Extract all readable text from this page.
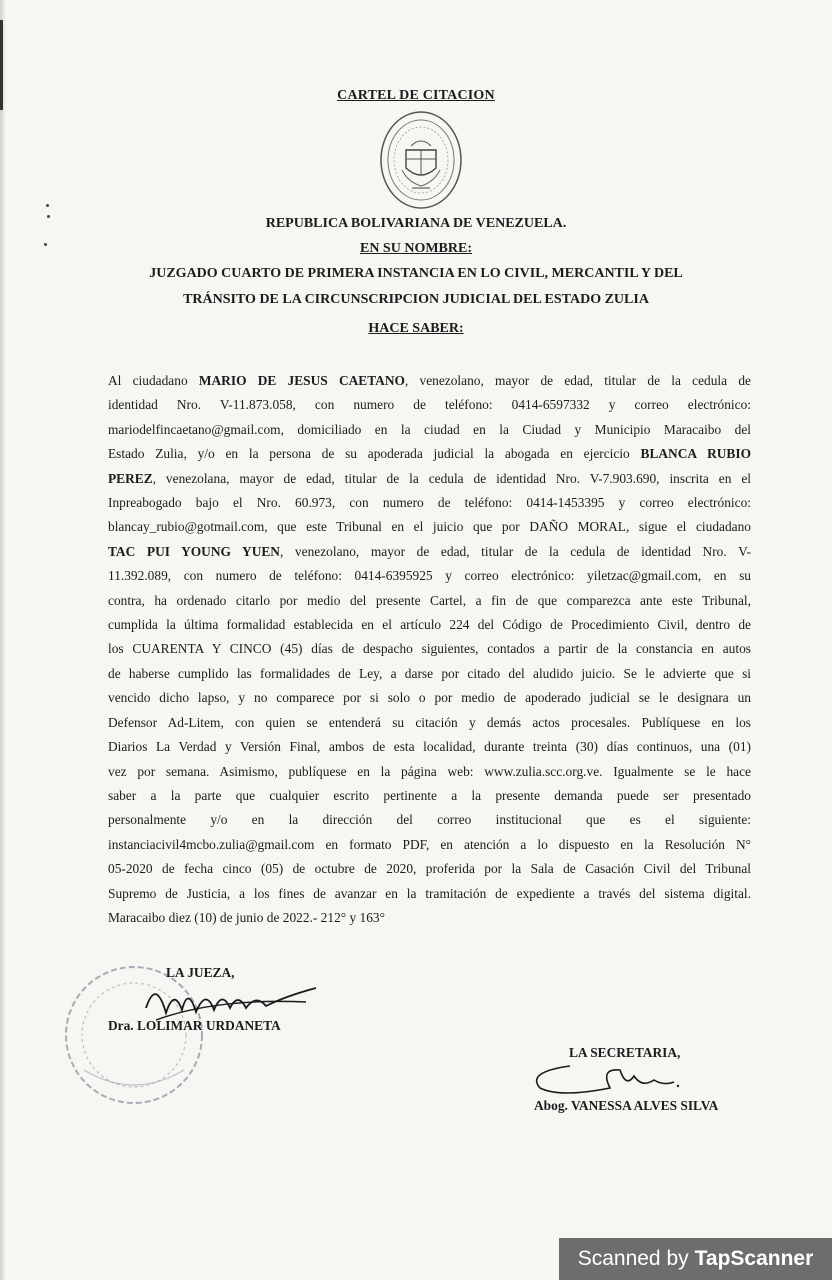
CARTEL DE CITACION
REPUBLICA BOLIVARIANA DE VENEZUELA.
EN SU NOMBRE:
JUZGADO CUARTO DE PRIMERA INSTANCIA EN LO CIVIL, MERCANTIL Y DEL
TRÁNSITO DE LA CIRCUNSCRIPCION JUDICIAL DEL ESTADO ZULIA
HACE SABER:
Al ciudadano MARIO DE JESUS CAETANO, venezolano, mayor de edad, titular de la cedula de
identidad Nro. V-11.873.058, con numero de teléfono: 0414-6597332 y correo electrónico:
mariodelfincaetano@gmail.com, domiciliado en la ciudad en la Ciudad y Municipio Maracaibo del
Estado Zulia, y/o en la persona de su apoderada judicial la abogada en ejercicio BLANCA RUBIO
PEREZ, venezolana, mayor de edad, titular de la cedula de identidad Nro. V-7.903.690, inscrita en el
Inpreabogado bajo el Nro. 60.973, con numero de teléfono: 0414-1453395 y correo electrónico:
blancay_rubio@gotmail.com, que este Tribunal en el juicio que por DAÑO MORAL, sigue el ciudadano
TAC PUI YOUNG YUEN, venezolano, mayor de edad, titular de la cedula de identidad Nro. V-
11.392.089, con numero de teléfono: 0414-6395925 y correo electrónico: yiletzac@gmail.com, en su
contra, ha ordenado citarlo por medio del presente Cartel, a fin de que comparezca ante este Tribunal,
cumplida la última formalidad establecida en el artículo 224 del Código de Procedimiento Civil, dentro de
los CUARENTA Y CINCO (45) días de despacho siguientes, contados a partir de la constancia en autos
de haberse cumplido las formalidades de Ley, a darse por citado del aludido juicio. Se le advierte que si
vencido dicho lapso, y no comparece por si solo o por medio de apoderado judicial se le designara un
Defensor Ad-Litem, con quien se entenderá su citación y demás actos procesales. Publíquese en los
Diarios La Verdad y Versión Final, ambos de esta localidad, durante treinta (30) días continuos, una (01)
vez por semana. Asimismo, publíquese en la página web: www.zulia.scc.org.ve. Igualmente se le hace
saber a la parte que cualquier escrito pertinente a la presente demanda puede ser presentado
personalmente y/o en la dirección del correo institucional que es el siguiente:
instanciacivil4mcbo.zulia@gmail.com en formato PDF, en atención a lo dispuesto en la Resolución N°
05-2020 de fecha cinco (05) de octubre de 2020, proferida por la Sala de Casación Civil del Tribunal
Supremo de Justicia, a los fines de avanzar en la tramitación de expediente a través del sistema digital.
Maracaibo diez (10) de junio de 2022.- 212° y 163°
LA JUEZA,
Dra. LOLIMAR URDANETA
LA SECRETARIA,
Abog. VANESSA ALVES SILVA
Scanned by TapScanner
